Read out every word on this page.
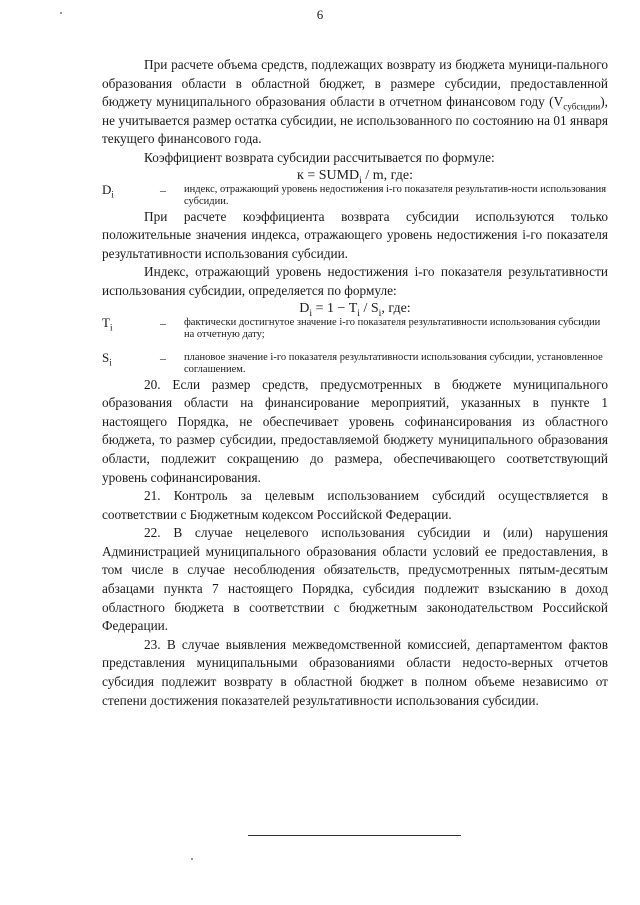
6

При расчете объема средств, подлежащих возврату из бюджета муници-пального образования области в областной бюджет, в размере субсидии, предоставленной бюджету муниципального образования области в отчетном финансовом году $(V_{субсидии})$, не учитывается размер остатка субсидии, не использованного по состоянию на 01 января текущего финансового года.

Коэффициент возврата субсидии рассчитывается по формуле:

$к = SUMD_i / m$, где:

$D_i$	–	индекс, отражающий уровень недостижения i-го показателя результатив-ности использования субсидии.

При расчете коэффициента возврата субсидии используются только положительные значения индекса, отражающего уровень недостижения i-го показателя результативности использования субсидии.

Индекс, отражающий уровень недостижения i-го показателя результативности использования субсидии, определяется по формуле:

$D_i = 1 - T_i / S_i$, где:

$T_i$	–	фактически достигнутое значение i-го показателя результативности использования субсидии на отчетную дату;
$S_i$	–	плановое значение i-го показателя результативности использования субсидии, установленное соглашением.

20. Если размер средств, предусмотренных в бюджете муниципального образования области на финансирование мероприятий, указанных в пункте 1 настоящего Порядка, не обеспечивает уровень софинансирования из областного бюджета, то размер субсидии, предоставляемой бюджету муниципального образования области, подлежит сокращению до размера, обеспечивающего соответствующий уровень софинансирования.

21. Контроль за целевым использованием субсидий осуществляется в соответствии с Бюджетным кодексом Российской Федерации.

22. В случае нецелевого использования субсидии и (или) нарушения Администрацией муниципального образования области условий ее предоставления, в том числе в случае несоблюдения обязательств, предусмотренных пятым-десятым абзацами пункта 7 настоящего Порядка, субсидия подлежит взысканию в доход областного бюджета в соответствии с бюджетным законодательством Российской Федерации.

23. В случае выявления межведомственной комиссией, департаментом фактов представления муниципальными образованиями области недосто-верных отчетов субсидия подлежит возврату в областной бюджет в полном объеме независимо от степени достижения показателей результативности использования субсидии.
